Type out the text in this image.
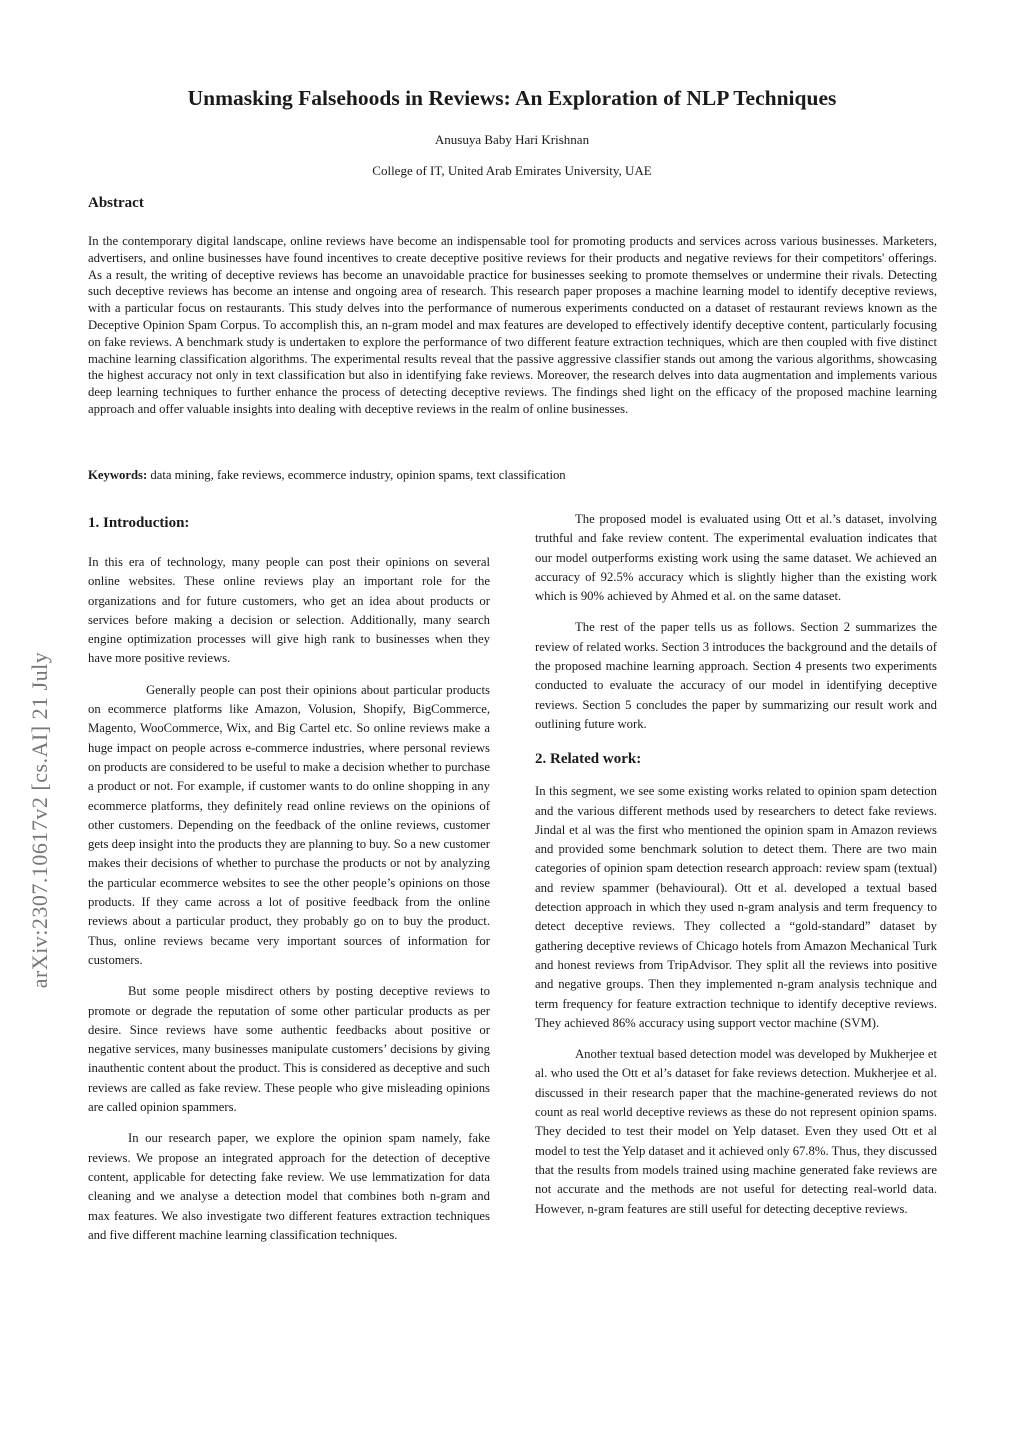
arXiv:2307.10617v2 [cs.AI] 21 July
Unmasking Falsehoods in Reviews: An Exploration of NLP Techniques
Anusuya Baby Hari Krishnan
College of IT, United Arab Emirates University, UAE
Abstract
In the contemporary digital landscape, online reviews have become an indispensable tool for promoting products and services across various businesses. Marketers, advertisers, and online businesses have found incentives to create deceptive positive reviews for their products and negative reviews for their competitors' offerings. As a result, the writing of deceptive reviews has become an unavoidable practice for businesses seeking to promote themselves or undermine their rivals. Detecting such deceptive reviews has become an intense and ongoing area of research. This research paper proposes a machine learning model to identify deceptive reviews, with a particular focus on restaurants. This study delves into the performance of numerous experiments conducted on a dataset of restaurant reviews known as the Deceptive Opinion Spam Corpus. To accomplish this, an n-gram model and max features are developed to effectively identify deceptive content, particularly focusing on fake reviews. A benchmark study is undertaken to explore the performance of two different feature extraction techniques, which are then coupled with five distinct machine learning classification algorithms. The experimental results reveal that the passive aggressive classifier stands out among the various algorithms, showcasing the highest accuracy not only in text classification but also in identifying fake reviews. Moreover, the research delves into data augmentation and implements various deep learning techniques to further enhance the process of detecting deceptive reviews. The findings shed light on the efficacy of the proposed machine learning approach and offer valuable insights into dealing with deceptive reviews in the realm of online businesses.
Keywords: data mining, fake reviews, ecommerce industry, opinion spams, text classification
1. Introduction:

In this era of technology, many people can post their opinions on several online websites. These online reviews play an important role for the organizations and for future customers, who get an idea about products or services before making a decision or selection. Additionally, many search engine optimization processes will give high rank to businesses when they have more positive reviews.

Generally people can post their opinions about particular products on ecommerce platforms like Amazon, Volusion, Shopify, BigCommerce, Magento, WooCommerce, Wix, and Big Cartel etc. So online reviews make a huge impact on people across e-commerce industries, where personal reviews on products are considered to be useful to make a decision whether to purchase a product or not. For example, if customer wants to do online shopping in any ecommerce platforms, they definitely read online reviews on the opinions of other customers. Depending on the feedback of the online reviews, customer gets deep insight into the products they are planning to buy. So a new customer makes their decisions of whether to purchase the products or not by analyzing the particular ecommerce websites to see the other people’s opinions on those products. If they came across a lot of positive feedback from the online reviews about a particular product, they probably go on to buy the product. Thus, online reviews became very important sources of information for customers.

But some people misdirect others by posting deceptive reviews to promote or degrade the reputation of some other particular products as per desire. Since reviews have some authentic feedbacks about positive or negative services, many businesses manipulate customers’ decisions by giving inauthentic content about the product. This is considered as deceptive and such reviews are called as fake review. These people who give misleading opinions are called opinion spammers.

In our research paper, we explore the opinion spam namely, fake reviews. We propose an integrated approach for the detection of deceptive content, applicable for detecting fake review. We use lemmatization for data cleaning and we analyse a detection model that combines both n-gram and max features. We also investigate two different features extraction techniques and five different machine learning classification techniques.

The proposed model is evaluated using Ott et al.’s dataset, involving truthful and fake review content. The experimental evaluation indicates that our model outperforms existing work using the same dataset. We achieved an accuracy of 92.5% accuracy which is slightly higher than the existing work which is 90% achieved by Ahmed et al. on the same dataset.

The rest of the paper tells us as follows. Section 2 summarizes the review of related works. Section 3 introduces the background and the details of the proposed machine learning approach. Section 4 presents two experiments conducted to evaluate the accuracy of our model in identifying deceptive reviews. Section 5 concludes the paper by summarizing our result work and outlining future work.

2. Related work:

In this segment, we see some existing works related to opinion spam detection and the various different methods used by researchers to detect fake reviews. Jindal et al was the first who mentioned the opinion spam in Amazon reviews and provided some benchmark solution to detect them. There are two main categories of opinion spam detection research approach: review spam (textual) and review spammer (behavioural). Ott et al. developed a textual based detection approach in which they used n-gram analysis and term frequency to detect deceptive reviews. They collected a “gold-standard” dataset by gathering deceptive reviews of Chicago hotels from Amazon Mechanical Turk and honest reviews from TripAdvisor. They split all the reviews into positive and negative groups. Then they implemented n-gram analysis technique and term frequency for feature extraction technique to identify deceptive reviews. They achieved 86% accuracy using support vector machine (SVM).

Another textual based detection model was developed by Mukherjee et al. who used the Ott et al’s dataset for fake reviews detection. Mukherjee et al. discussed in their research paper that the machine-generated reviews do not count as real world deceptive reviews as these do not represent opinion spams. They decided to test their model on Yelp dataset. Even they used Ott et al model to test the Yelp dataset and it achieved only 67.8%. Thus, they discussed that the results from models trained using machine generated fake reviews are not accurate and the methods are not useful for detecting real-world data. However, n-gram features are still useful for detecting deceptive reviews.
